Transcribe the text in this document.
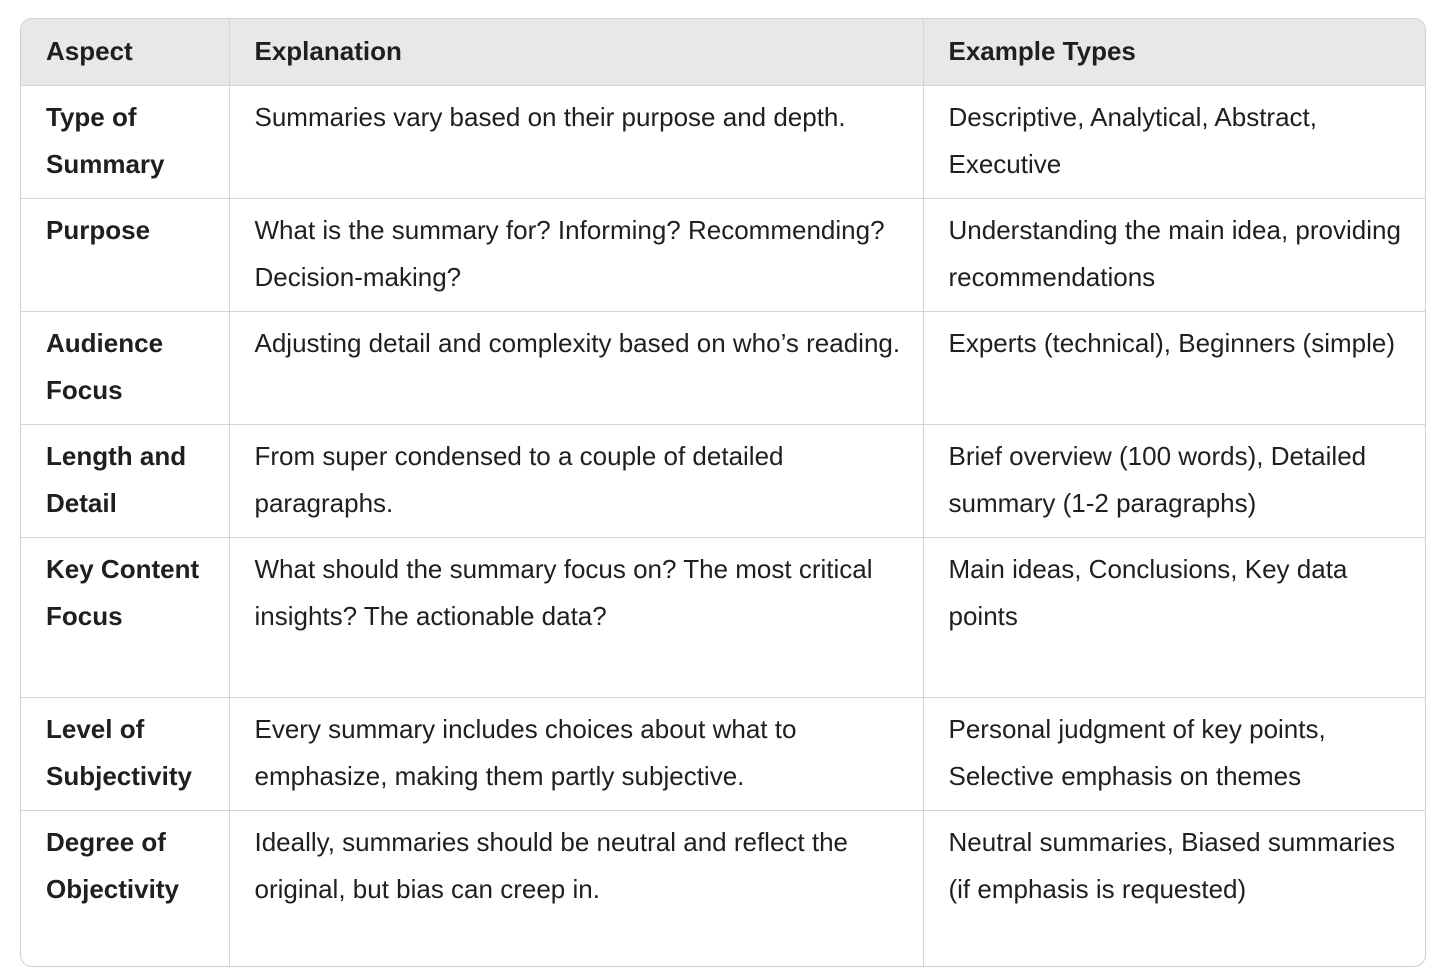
Aspect	Explanation	Example Types
Type of Summary	Summaries vary based on their purpose and depth.	Descriptive, Analytical, Abstract, Executive
Purpose	What is the summary for? Informing? Recommending? Decision-making?	Understanding the main idea, providing recommendations
Audience Focus	Adjusting detail and complexity based on who’s reading.	Experts (technical), Beginners (simple)
Length and Detail	From super condensed to a couple of detailed paragraphs.	Brief overview (100 words), Detailed summary (1-2 paragraphs)
Key Content Focus	What should the summary focus on? The most critical insights? The actionable data?	Main ideas, Conclusions, Key data points
Level of Subjectivity	Every summary includes choices about what to emphasize, making them partly subjective.	Personal judgment of key points, Selective emphasis on themes
Degree of Objectivity	Ideally, summaries should be neutral and reflect the original, but bias can creep in.	Neutral summaries, Biased summaries (if emphasis is requested)
